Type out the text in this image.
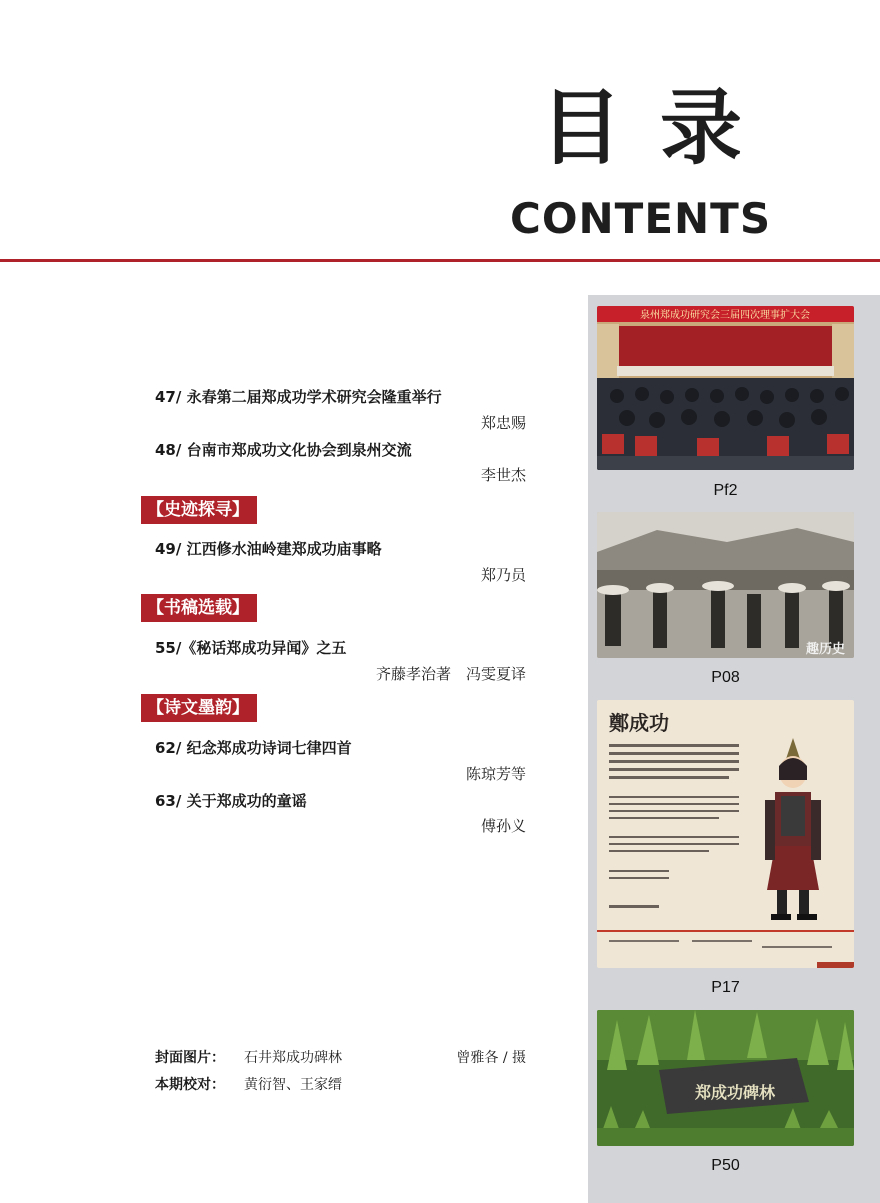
目录
CONTENTS
47/ 永春第二届郑成功学术研究会隆重举行
郑忠赐
48/ 台南市郑成功文化协会到泉州交流
李世杰
【史迹探寻】
49/ 江西修水油岭建郑成功庙事略
郑乃员
【书稿选载】
55/《秘话郑成功异闻》之五
齐藤孝治著　冯雯夏译
【诗文墨韵】
62/ 纪念郑成功诗词七律四首
陈琼芳等
63/ 关于郑成功的童谣
傅孙义
封面图片： 石井郑成功碑林	曾雅各 / 摄
本期校对： 黄衍智、王家缙
泉州郑成功研究会三届四次理事扩大会
Pf2
趣历史
P08
鄭成功
P17
郑成功碑林
P50
